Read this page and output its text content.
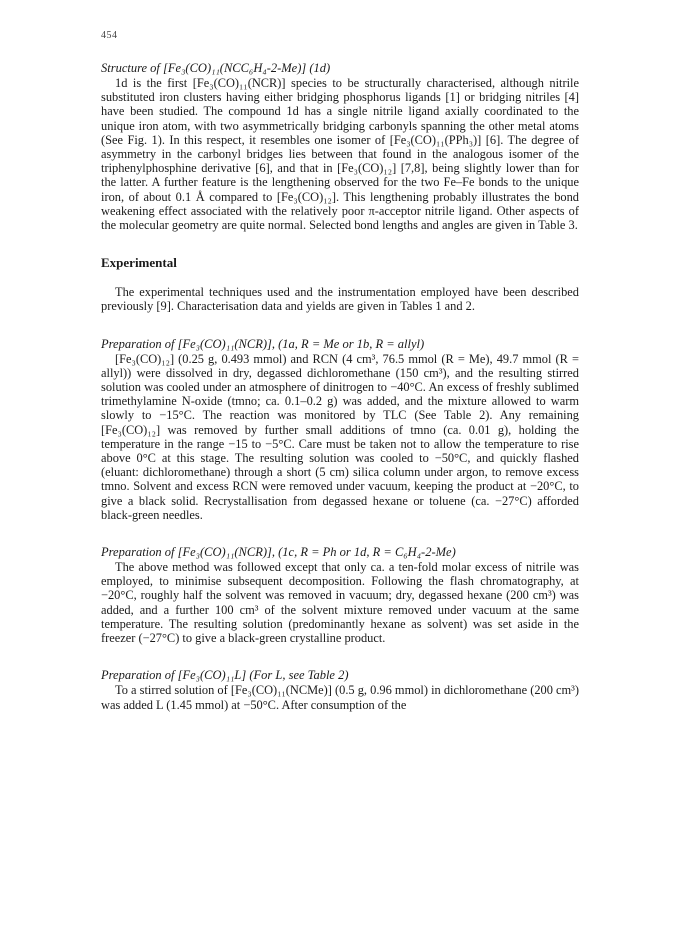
454

Structure of [Fe₃(CO)₁₁(NCC₆H₄-2-Me)] (1d)

1d is the first [Fe₃(CO)₁₁(NCR)] species to be structurally characterised, although nitrile substituted iron clusters having either bridging phosphorus ligands [1] or bridging nitriles [4] have been studied. The compound 1d has a single nitrile ligand axially coordinated to the unique iron atom, with two asymmetrically bridging carbonyls spanning the other metal atoms (See Fig. 1). In this respect, it resembles one isomer of [Fe₃(CO)₁₁(PPh₃)] [6]. The degree of asymmetry in the carbonyl bridges lies between that found in the analogous isomer of the triphenylphosphine derivative [6], and that in [Fe₃(CO)₁₂] [7,8], being slightly lower than for the latter. A further feature is the lengthening observed for the two Fe–Fe bonds to the unique iron, of about 0.1 Å compared to [Fe₃(CO)₁₂]. This lengthening probably illustrates the bond weakening effect associated with the relatively poor π-acceptor nitrile ligand. Other aspects of the molecular geometry are quite normal. Selected bond lengths and angles are given in Table 3.

Experimental

The experimental techniques used and the instrumentation employed have been described previously [9]. Characterisation data and yields are given in Tables 1 and 2.

Preparation of [Fe₃(CO)₁₁(NCR)], (1a, R = Me or 1b, R = allyl)

[Fe₃(CO)₁₂] (0.25 g, 0.493 mmol) and RCN (4 cm³, 76.5 mmol (R = Me), 49.7 mmol (R = allyl)) were dissolved in dry, degassed dichloromethane (150 cm³), and the resulting stirred solution was cooled under an atmosphere of dinitrogen to −40°C. An excess of freshly sublimed trimethylamine N-oxide (tmno; ca. 0.1–0.2 g) was added, and the mixture allowed to warm slowly to −15°C. The reaction was monitored by TLC (See Table 2). Any remaining [Fe₃(CO)₁₂] was removed by further small additions of tmno (ca. 0.01 g), holding the temperature in the range −15 to −5°C. Care must be taken not to allow the temperature to rise above 0°C at this stage. The resulting solution was cooled to −50°C, and quickly flashed (eluant: dichloromethane) through a short (5 cm) silica column under argon, to remove excess tmno. Solvent and excess RCN were removed under vacuum, keeping the product at −20°C, to give a black solid. Recrystallisation from degassed hexane or toluene (ca. −27°C) afforded black-green needles.

Preparation of [Fe₃(CO)₁₁(NCR)], (1c, R = Ph or 1d, R = C₆H₄-2-Me)

The above method was followed except that only ca. a ten-fold molar excess of nitrile was employed, to minimise subsequent decomposition. Following the flash chromatography, at −20°C, roughly half the solvent was removed in vacuum; dry, degassed hexane (200 cm³) was added, and a further 100 cm³ of the solvent mixture removed under vacuum at the same temperature. The resulting solution (predominantly hexane as solvent) was set aside in the freezer (−27°C) to give a black-green crystalline product.

Preparation of [Fe₃(CO)₁₁L] (For L, see Table 2)

To a stirred solution of [Fe₃(CO)₁₁(NCMe)] (0.5 g, 0.96 mmol) in dichloromethane (200 cm³) was added L (1.45 mmol) at −50°C. After consumption of the
